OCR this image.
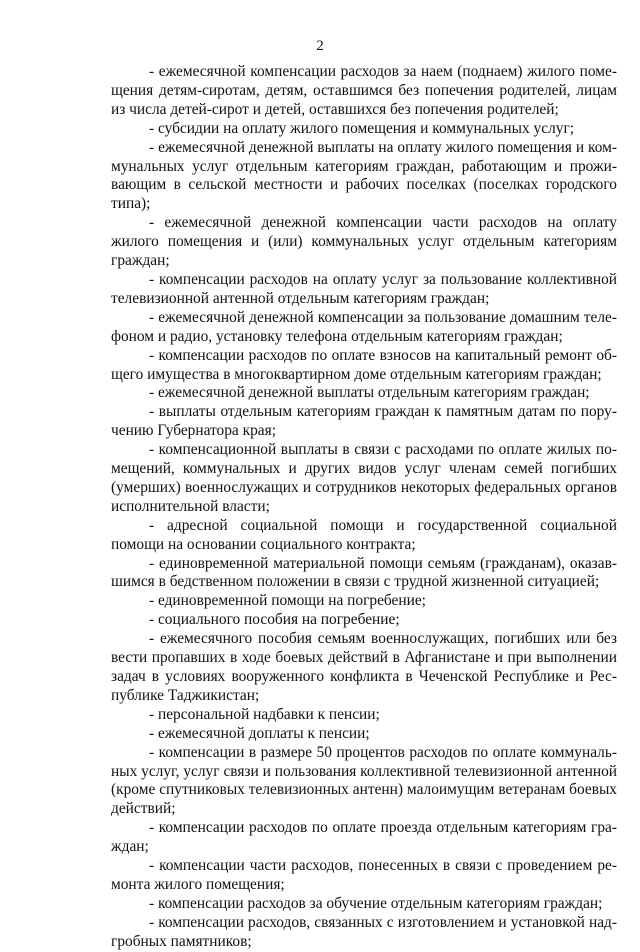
2

- ежемесячной компенсации расходов за наем (поднаем) жилого помещения детям-сиротам, детям, оставшимся без попечения родителей, лицам из числа детей-сирот и детей, оставшихся без попечения родителей;

- субсидии на оплату жилого помещения и коммунальных услуг;

- ежемесячной денежной выплаты на оплату жилого помещения и коммунальных услуг отдельным категориям граждан, работающим и проживающим в сельской местности и рабочих поселках (поселках городского типа);

- ежемесячной денежной компенсации части расходов на оплату жилого помещения и (или) коммунальных услуг отдельным категориям граждан;

- компенсации расходов на оплату услуг за пользование коллективной телевизионной антенной отдельным категориям граждан;

- ежемесячной денежной компенсации за пользование домашним телефоном и радио, установку телефона отдельным категориям граждан;

- компенсации расходов по оплате взносов на капитальный ремонт общего имущества в многоквартирном доме отдельным категориям граждан;

- ежемесячной денежной выплаты отдельным категориям граждан;

- выплаты отдельным категориям граждан к памятным датам по поручению Губернатора края;

- компенсационной выплаты в связи с расходами по оплате жилых помещений, коммунальных и других видов услуг членам семей погибших (умерших) военнослужащих и сотрудников некоторых федеральных органов исполнительной власти;

- адресной социальной помощи и государственной социальной помощи на основании социального контракта;

- единовременной материальной помощи семьям (гражданам), оказавшимся в бедственном положении в связи с трудной жизненной ситуацией;

- единовременной помощи на погребение;

- социального пособия на погребение;

- ежемесячного пособия семьям военнослужащих, погибших или без вести пропавших в ходе боевых действий в Афганистане и при выполнении задач в условиях вооруженного конфликта в Чеченской Республике и Республике Таджикистан;

- персональной надбавки к пенсии;

- ежемесячной доплаты к пенсии;

- компенсации в размере 50 процентов расходов по оплате коммунальных услуг, услуг связи и пользования коллективной телевизионной антенной (кроме спутниковых телевизионных антенн) малоимущим ветеранам боевых действий;

- компенсации расходов по оплате проезда отдельным категориям граждан;

- компенсации части расходов, понесенных в связи с проведением ремонта жилого помещения;

- компенсации расходов за обучение отдельным категориям граждан;

- компенсации расходов, связанных с изготовлением и установкой надгробных памятников;
